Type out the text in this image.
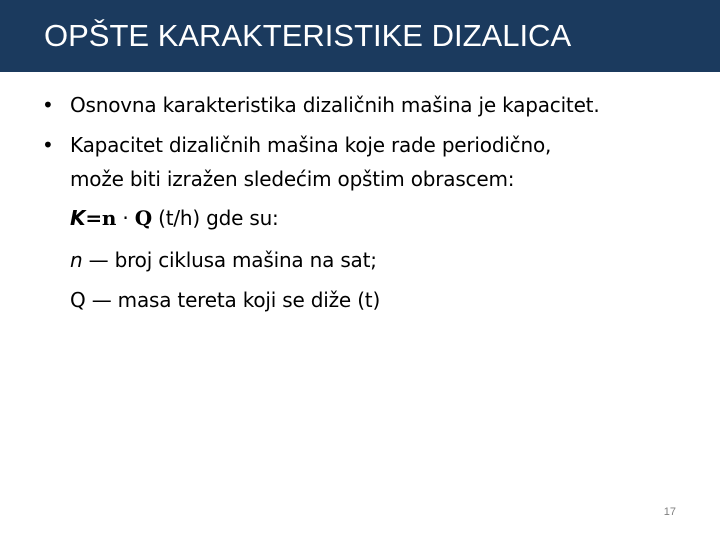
OPŠTE KARAKTERISTIKE DIZALICA
• Osnovna karakteristika dizaličnih mašina je kapacitet.
• Kapacitet dizaličnih mašina koje rade periodično,
može biti izražen sledećim opštim obrascem:
K=n · Q (t/h) gde su:
n — broj ciklusa mašina na sat;
Q — masa tereta koji se diže (t)
17
